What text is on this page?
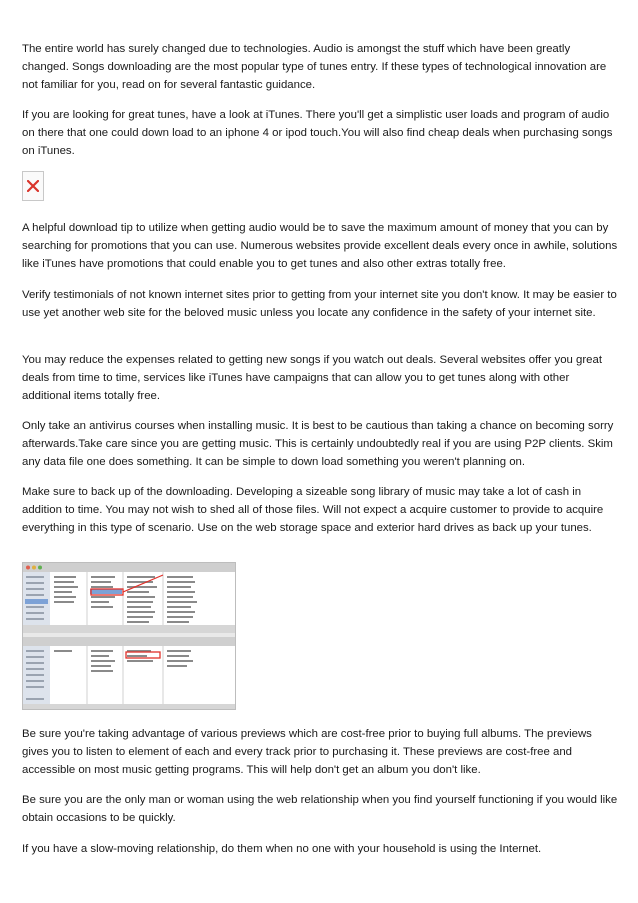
The entire world has surely changed due to technologies. Audio is amongst the stuff which have been greatly changed. Songs downloading are the most popular type of tunes entry. If these types of technological innovation are not familiar for you, read on for several fantastic guidance.

If you are looking for great tunes, have a look at iTunes. There you'll get a simplistic user loads and program of audio on there that one could down load to an iphone 4 or ipod touch.You will also find cheap deals when purchasing songs on iTunes.

A helpful download tip to utilize when getting audio would be to save the maximum amount of money that you can by searching for promotions that you can use. Numerous websites provide excellent deals every once in awhile, solutions like iTunes have promotions that could enable you to get tunes and also other extras totally free.

Verify testimonials of not known internet sites prior to getting from your internet site you don't know. It may be easier to use yet another web site for the beloved music unless you locate any confidence in the safety of your internet site.

You may reduce the expenses related to getting new songs if you watch out deals. Several websites offer you great deals from time to time, services like iTunes have campaigns that can allow you to get tunes along with other additional items totally free.

Only take an antivirus courses when installing music. It is best to be cautious than taking a chance on becoming sorry afterwards.Take care since you are getting music. This is certainly undoubtedly real if you are using P2P clients. Skim any data file one does something. It can be simple to down load something you weren't planning on.

Make sure to back up of the downloading. Developing a sizeable song library of music may take a lot of cash in addition to time. You may not wish to shed all of those files. Will not expect a acquire customer to provide to acquire everything in this type of scenario. Use on the web storage space and exterior hard drives as back up your tunes.

Be sure you're taking advantage of various previews which are cost-free prior to buying full albums. The previews gives you to listen to element of each and every track prior to purchasing it. These previews are cost-free and accessible on most music getting programs. This will help don't get an album you don't like.

Be sure you are the only man or woman using the web relationship when you find yourself functioning if you would like obtain occasions to be quickly.

If you have a slow-moving relationship, do them when no one with your household is using the Internet.
